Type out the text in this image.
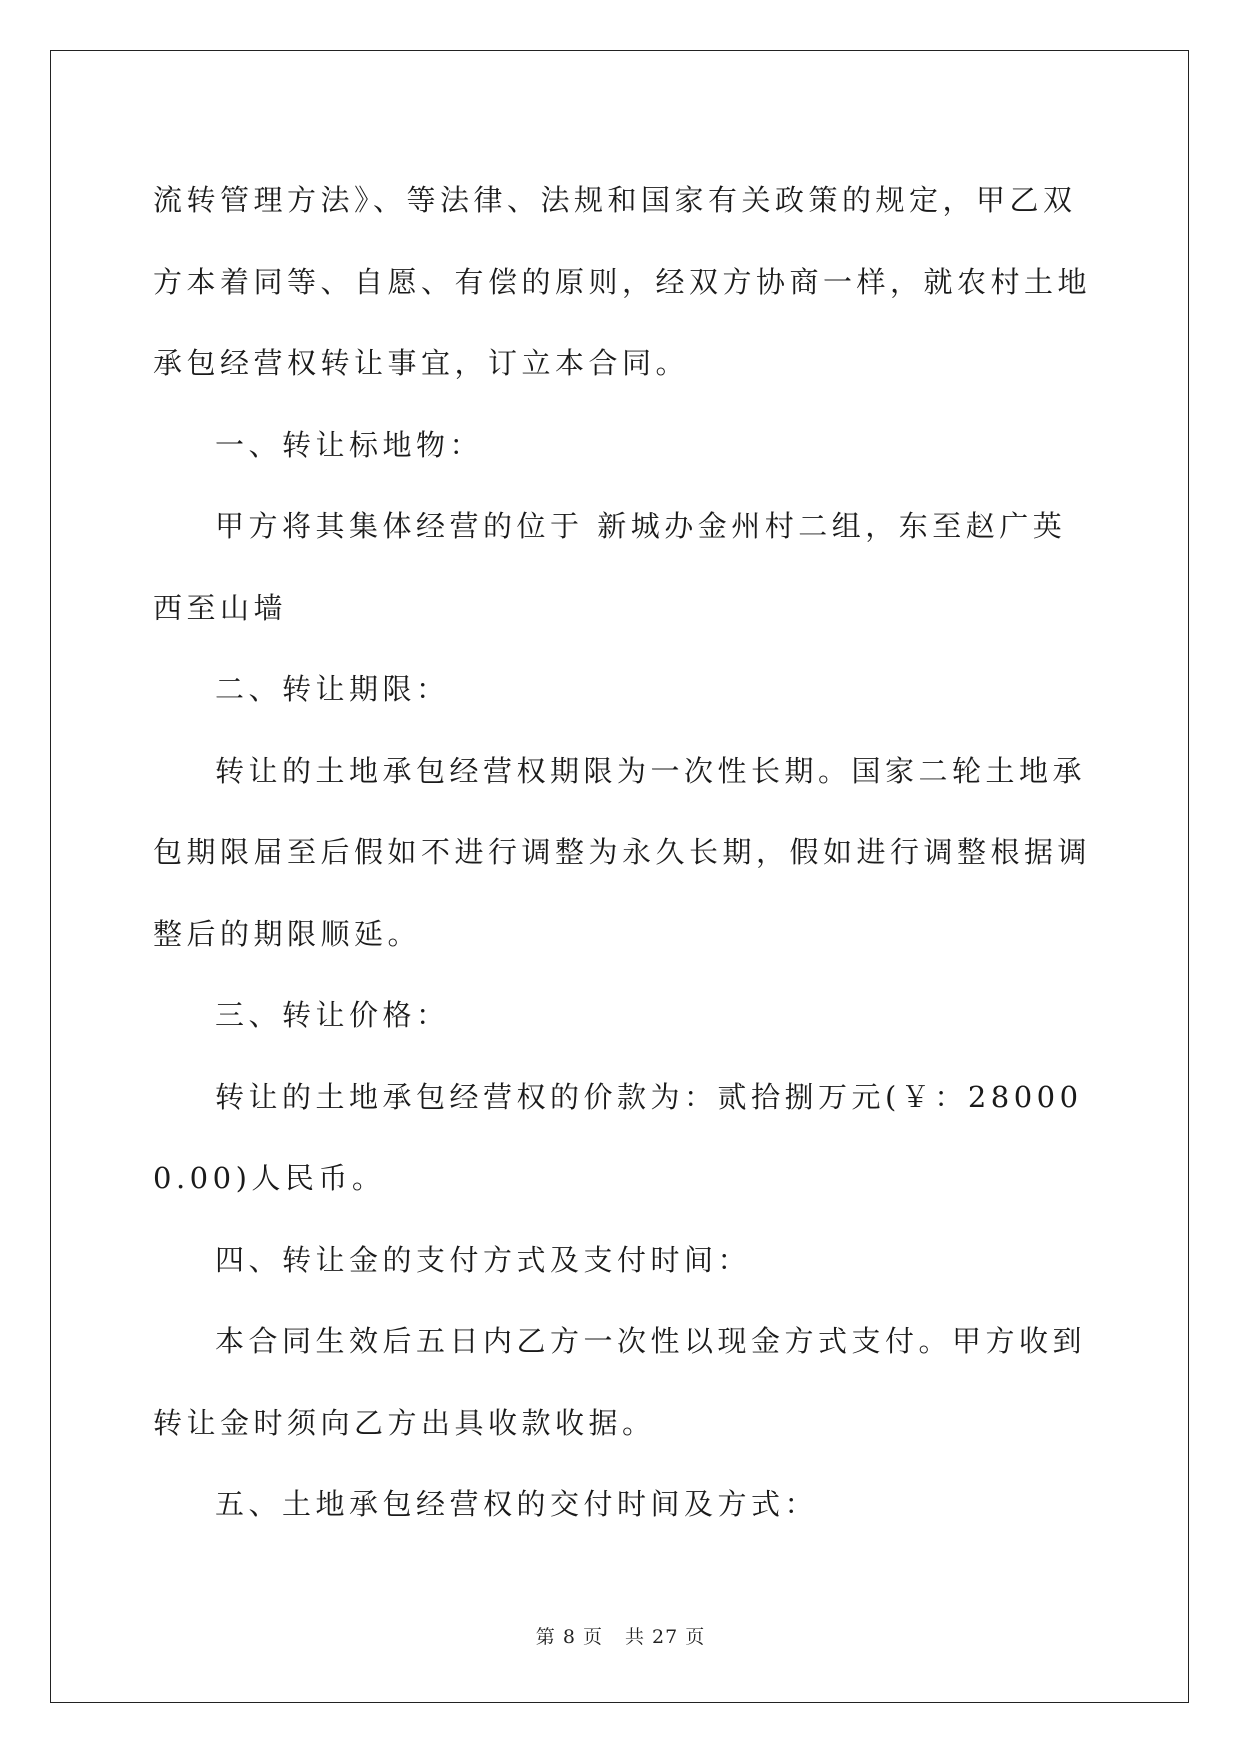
流转管理方法》、等法律、法规和国家有关政策的规定，甲乙双方本着同等、自愿、有偿的原则，经双方协商一样，就农村土地承包经营权转让事宜，订立本合同。

一、转让标地物：

甲方将其集体经营的位于 新城办金州村二组，东至赵广英西至山墙

二、转让期限：

转让的土地承包经营权期限为一次性长期。国家二轮土地承包期限届至后假如不进行调整为永久长期，假如进行调整根据调整后的期限顺延。

三、转让价格：

转让的土地承包经营权的价款为：贰拾捌万元(￥：280000.00)人民币。

四、转让金的支付方式及支付时间：

本合同生效后五日内乙方一次性以现金方式支付。甲方收到转让金时须向乙方出具收款收据。

五、土地承包经营权的交付时间及方式：

第 8 页 共 27 页
